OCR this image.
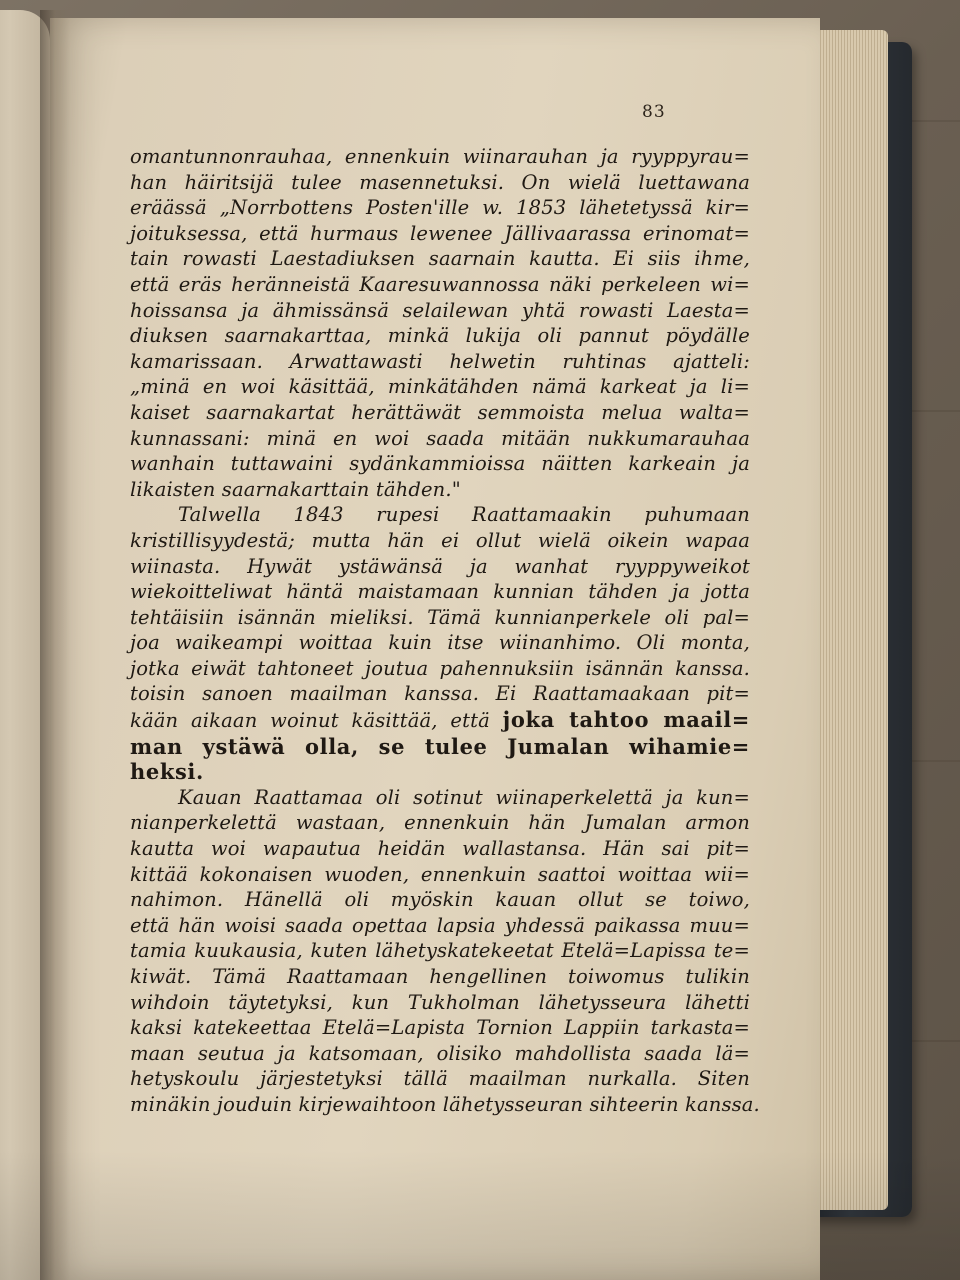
83

omantunnonrauhaa, ennenkuin wiinarauhan ja ryyppyrau=
han häiritsijä tulee masennetuksi. On wielä luettawana
eräässä „Norrbottens Posten'ille w. 1853 lähetetyssä kir=
joituksessa, että hurmaus lewenee Jällivaarassa erinomat=
tain rowasti Laestadiuksen saarnain kautta. Ei siis ihme,
että eräs heränneistä Kaaresuwannossa näki perkeleen wi=
hoissansa ja ähmissänsä selailewan yhtä rowasti Laesta=
diuksen saarnakarttaa, minkä lukija oli pannut pöydälle
kamarissaan. Arwattawasti helwetin ruhtinas ajatteli:
„minä en woi käsittää, minkätähden nämä karkeat ja li=
kaiset saarnakartat herättäwät semmoista melua walta=
kunnassani: minä en woi saada mitään nukkumarauhaa
wanhain tuttawaini sydänkammioissa näitten karkeain ja
likaisten saarnakarttain tähden."

Talwella 1843 rupesi Raattamaakin puhumaan
kristillisyydestä; mutta hän ei ollut wielä oikein wapaa
wiinasta. Hywät ystäwänsä ja wanhat ryyppyweikot
wiekoitteliwat häntä maistamaan kunnian tähden ja jotta
tehtäisiin isännän mieliksi. Tämä kunnianperkele oli pal=
joa waikeampi woittaa kuin itse wiinanhimo. Oli monta,
jotka eiwät tahtoneet joutua pahennuksiin isännän kanssa.
toisin sanoen maailman kanssa. Ei Raattamaakaan pit=
kään aikaan woinut käsittää, että joka tahtoo maail=
man ystäwä olla, se tulee Jumalan wihamie=
heksi.

Kauan Raattamaa oli sotinut wiinaperkelettä ja kun=
nianperkelettä wastaan, ennenkuin hän Jumalan armon
kautta woi wapautua heidän wallastansa. Hän sai pit=
kittää kokonaisen wuoden, ennenkuin saattoi woittaa wii=
nahimon. Hänellä oli myöskin kauan ollut se toiwo,
että hän woisi saada opettaa lapsia yhdessä paikassa muu=
tamia kuukausia, kuten lähetyskatekeetat Etelä=Lapissa te=
kiwät. Tämä Raattamaan hengellinen toiwomus tulikin
wihdoin täytetyksi, kun Tukholman lähetysseura lähetti
kaksi katekeettaa Etelä=Lapista Tornion Lappiin tarkasta=
maan seutua ja katsomaan, olisiko mahdollista saada lä=
hetyskoulu järjestetyksi tällä maailman nurkalla. Siten
minäkin jouduin kirjewaihtoon lähetysseuran sihteerin kanssa.
